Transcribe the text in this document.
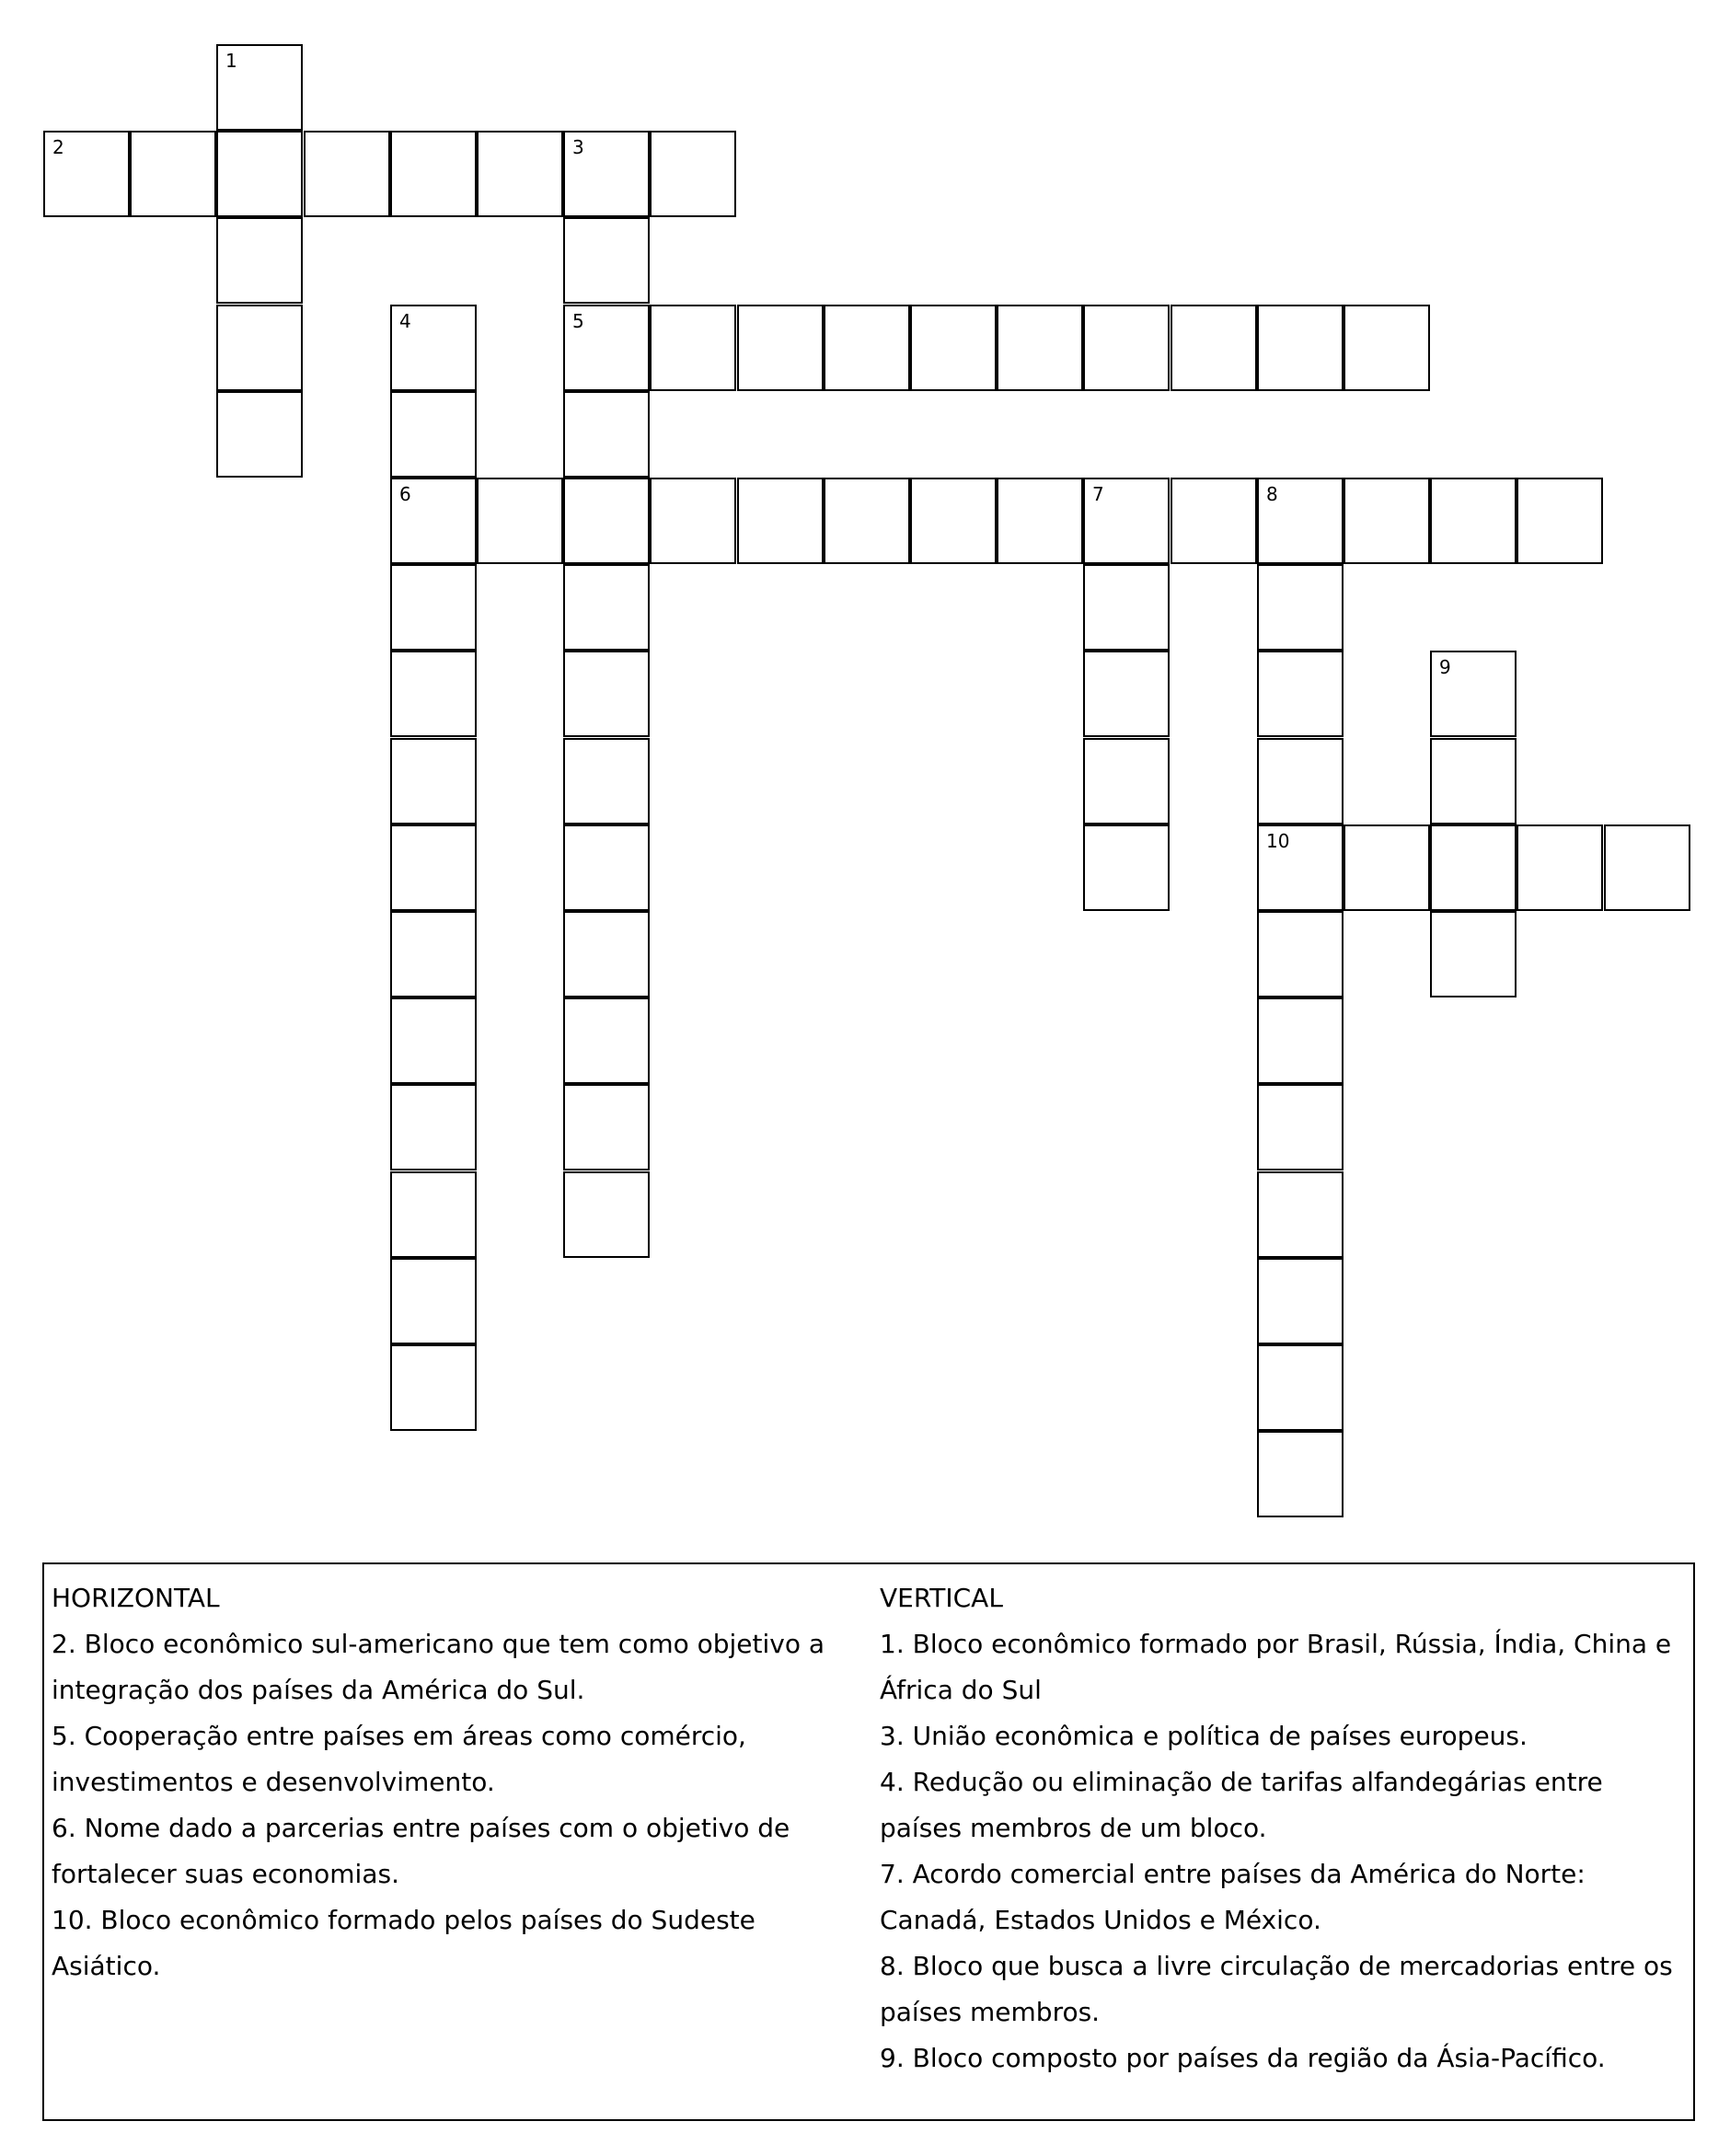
1
2	3
4	5
6	7	8
9
10

HORIZONTAL

2. Bloco econômico sul-americano que tem como objetivo a integração dos países da América do Sul.

5. Cooperação entre países em áreas como comércio, investimentos e desenvolvimento.

6. Nome dado a parcerias entre países com o objetivo de fortalecer suas economias.

10. Bloco econômico formado pelos países do Sudeste Asiático.

VERTICAL

1. Bloco econômico formado por Brasil, Rússia, Índia, China e África do Sul

3. União econômica e política de países europeus.

4. Redução ou eliminação de tarifas alfandegárias entre países membros de um bloco.

7. Acordo comercial entre países da América do Norte: Canadá, Estados Unidos e México.

8. Bloco que busca a livre circulação de mercadorias entre os países membros.

9. Bloco composto por países da região da Ásia-Pacífico.
